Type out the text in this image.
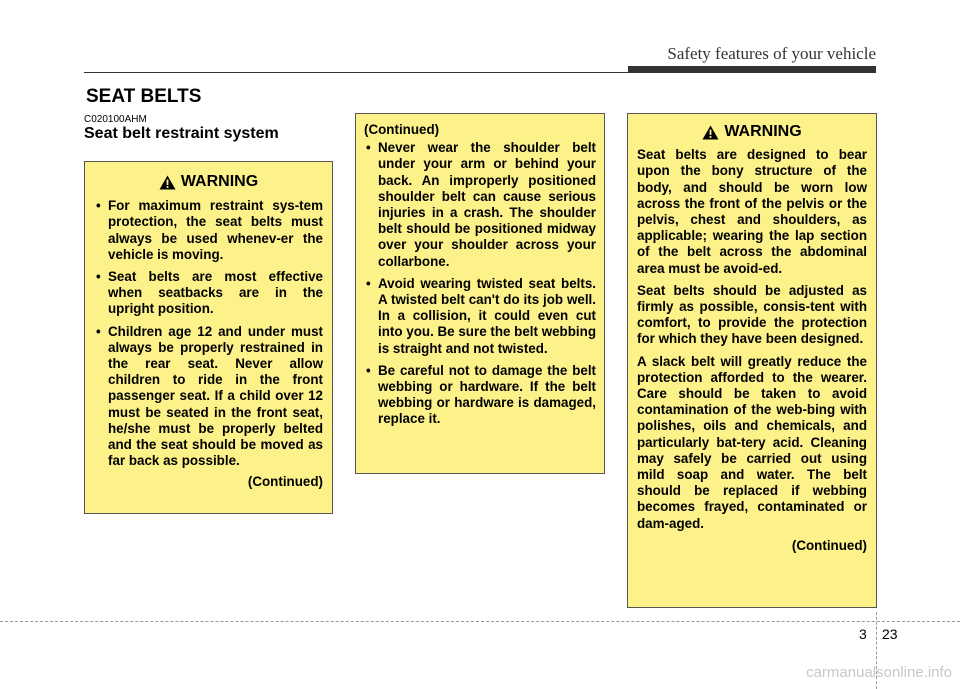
Safety features of your vehicle
SEAT BELTS
C020100AHM
Seat belt restraint system
WARNING
• For maximum restraint sys-tem protection, the seat belts must always be used whenev-er the vehicle is moving.
• Seat belts are most effective when seatbacks are in the upright position.
• Children age 12 and under must always be properly restrained in the rear seat. Never allow children to ride in the front passenger seat. If a child over 12 must be seated in the front seat, he/she must be properly belted and the seat should be moved as far back as possible.
(Continued)
(Continued)
• Never wear the shoulder belt under your arm or behind your back. An improperly positioned shoulder belt can cause serious injuries in a crash. The shoulder belt should be positioned midway over your shoulder across your collarbone.
• Avoid wearing twisted seat belts. A twisted belt can't do its job well. In a collision, it could even cut into you. Be sure the belt webbing is straight and not twisted.
• Be careful not to damage the belt webbing or hardware. If the belt webbing or hardware is damaged, replace it.
WARNING

Seat belts are designed to bear upon the bony structure of the body, and should be worn low across the front of the pelvis or the pelvis, chest and shoulders, as applicable; wearing the lap section of the belt across the abdominal area must be avoid-ed.

Seat belts should be adjusted as firmly as possible, consis-tent with comfort, to provide the protection for which they have been designed.

A slack belt will greatly reduce the protection afforded to the wearer. Care should be taken to avoid contamination of the web-bing with polishes, oils and chemicals, and particularly bat-tery acid. Cleaning may safely be carried out using mild soap and water. The belt should be replaced if webbing becomes frayed, contaminated or dam-aged.

(Continued)
3 23
carmanualsonline.info
